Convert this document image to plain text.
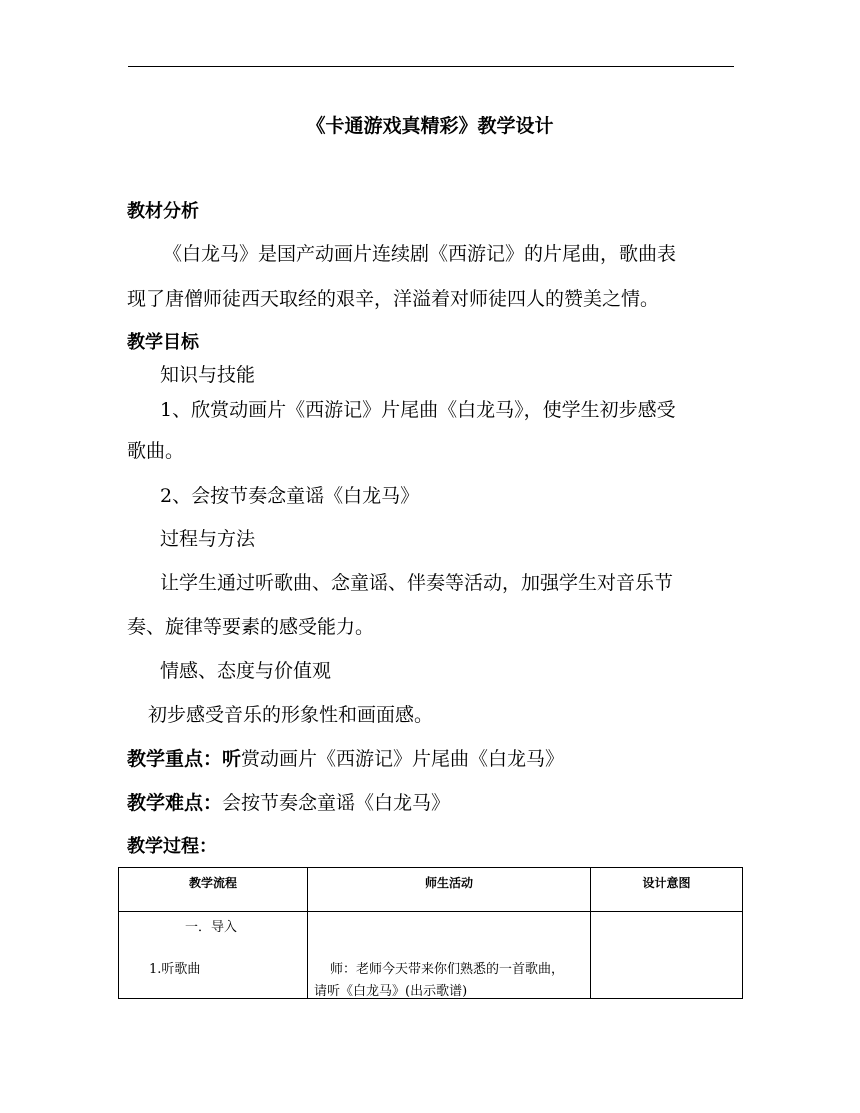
《卡通游戏真精彩》教学设计
教材分析
《白龙马》是国产动画片连续剧《西游记》的片尾曲，歌曲表
现了唐僧师徒西天取经的艰辛，洋溢着对师徒四人的赞美之情。
教学目标
知识与技能
1、欣赏动画片《西游记》片尾曲《白龙马》，使学生初步感受
歌曲。
2、会按节奏念童谣《白龙马》
过程与方法
让学生通过听歌曲、念童谣、伴奏等活动，加强学生对音乐节
奏、旋律等要素的感受能力。
情感、态度与价值观
初步感受音乐的形象性和画面感。
教学重点：听赏动画片《西游记》片尾曲《白龙马》
教学难点：会按节奏念童谣《白龙马》
教学过程：
教学流程	师生活动	设计意图

一．导入
1.听歌曲	师：老师今天带来你们熟悉的一首歌曲，
请听《白龙马》(出示歌谱)	
